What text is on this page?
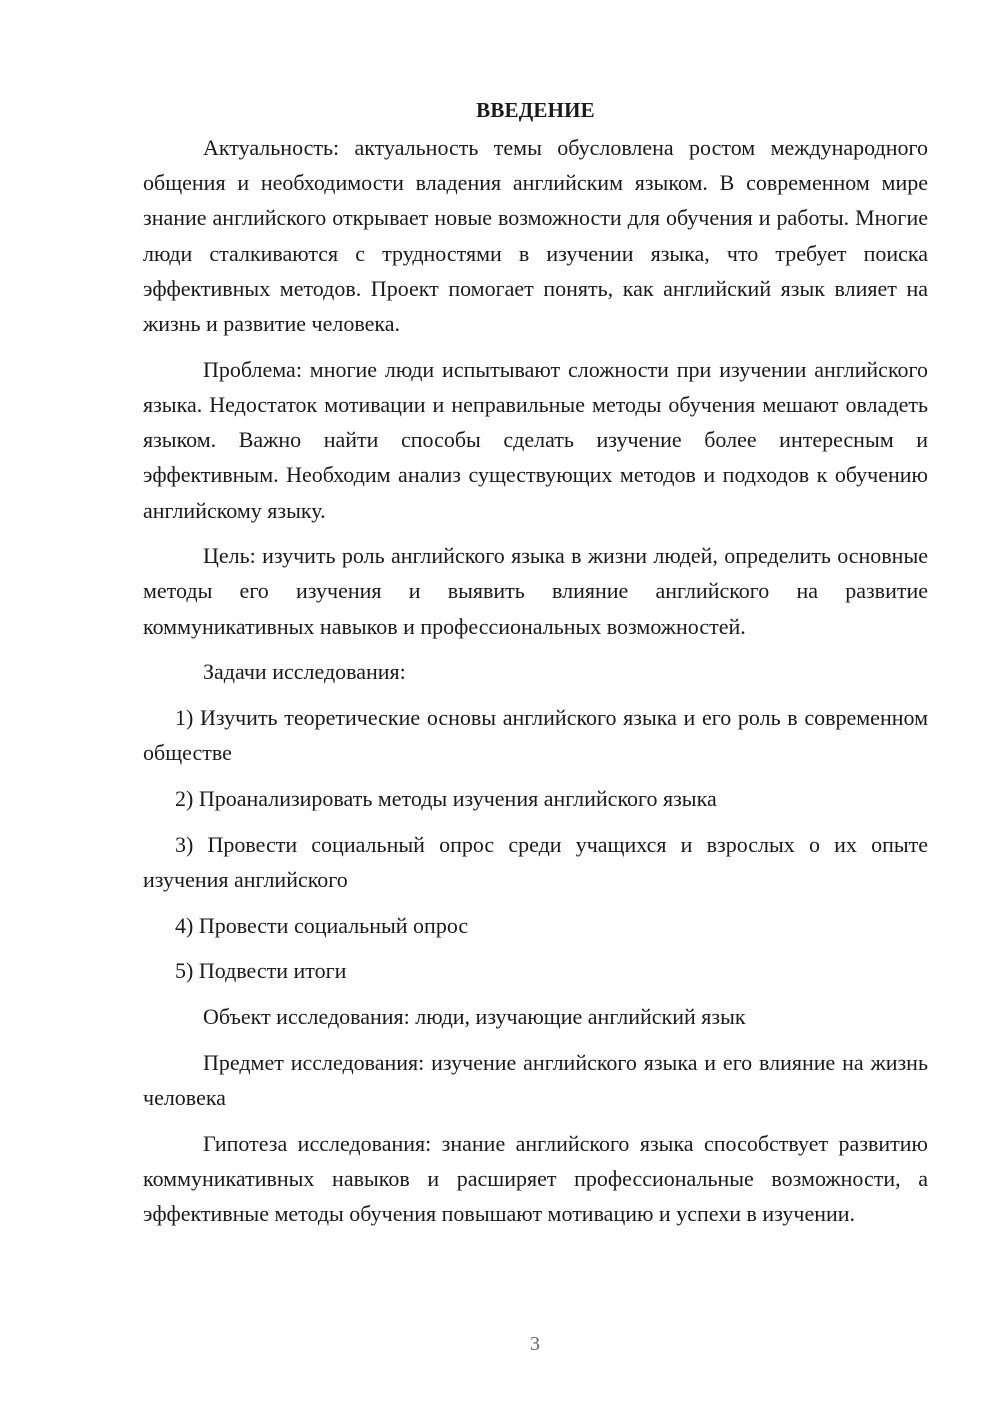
ВВЕДЕНИЕ

Актуальность: актуальность темы обусловлена ростом международного общения и необходимости владения английским языком. В современном мире знание английского открывает новые возможности для обучения и работы. Многие люди сталкиваются с трудностями в изучении языка, что требует поиска эффективных методов. Проект помогает понять, как английский язык влияет на жизнь и развитие человека.

Проблема: многие люди испытывают сложности при изучении английского языка. Недостаток мотивации и неправильные методы обучения мешают овладеть языком. Важно найти способы сделать изучение более интересным и эффективным. Необходим анализ существующих методов и подходов к обучению английскому языку.

Цель: изучить роль английского языка в жизни людей, определить основные методы его изучения и выявить влияние английского на развитие коммуникативных навыков и профессиональных возможностей.

Задачи исследования:

1) Изучить теоретические основы английского языка и его роль в современном обществе

2) Проанализировать методы изучения английского языка

3) Провести социальный опрос среди учащихся и взрослых о их опыте изучения английского

4) Провести социальный опрос

5) Подвести итоги

Объект исследования: люди, изучающие английский язык

Предмет исследования: изучение английского языка и его влияние на жизнь человека

Гипотеза исследования: знание английского языка способствует развитию коммуникативных навыков и расширяет профессиональные возможности, а эффективные методы обучения повышают мотивацию и успехи в изучении.

3
